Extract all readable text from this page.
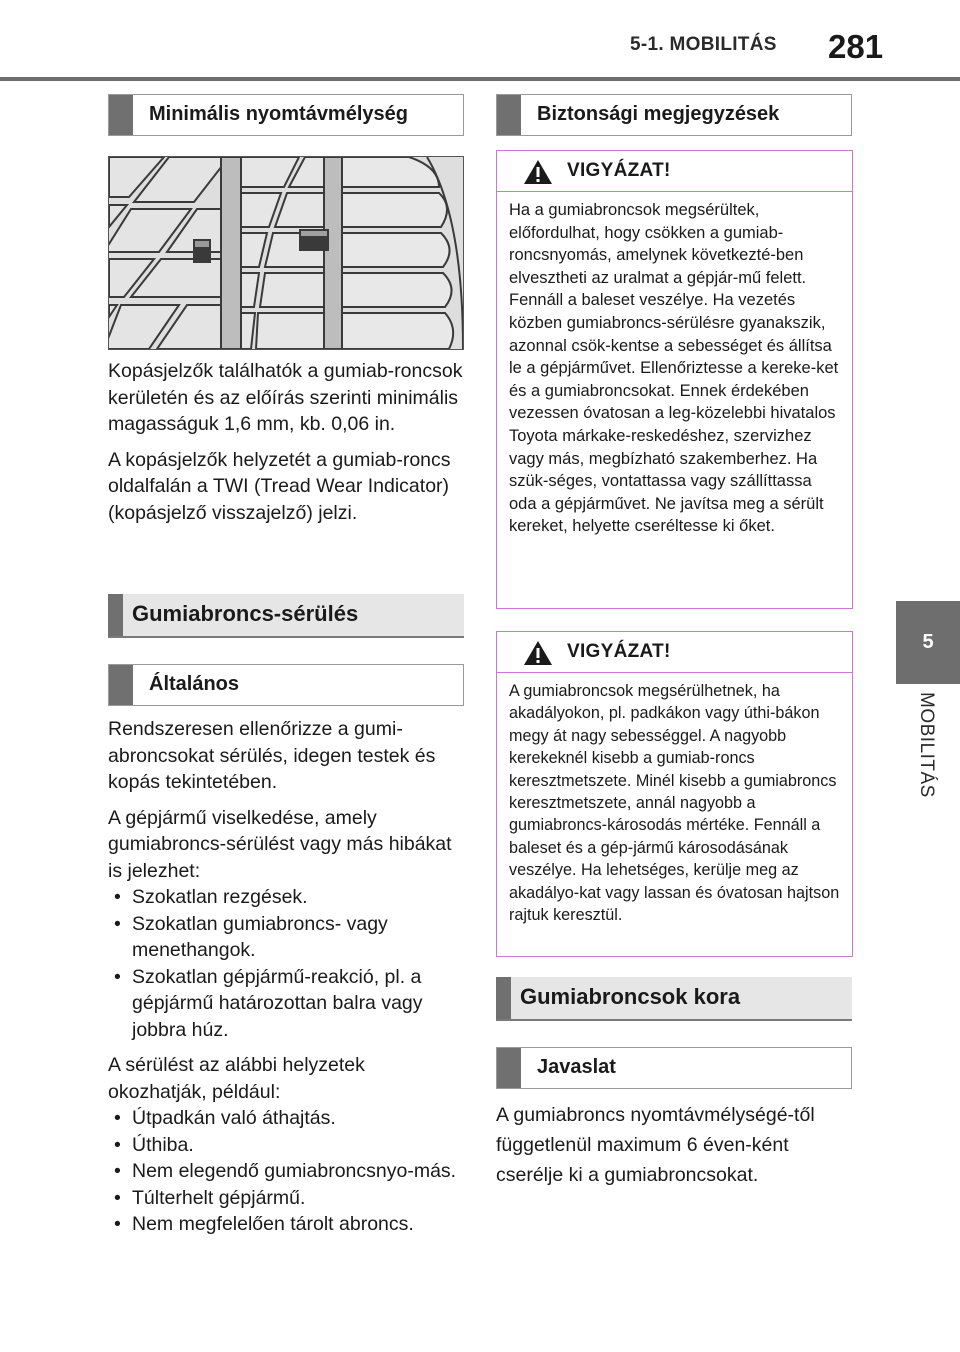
5-1. MOBILITÁS 281
5
MOBILITÁS
Minimális nyomtávmélység

Kopásjelzők találhatók a gumiab-roncsok kerületén és az előírás szerinti minimális magasságuk 1,6 mm, kb. 0,06 in.

A kopásjelzők helyzetét a gumiab-roncs oldalfalán a TWI (Tread Wear Indicator) (kopásjelző visszajelző) jelzi.

Gumiabroncs-sérülés
Általános

Rendszeresen ellenőrizze a gumi-abroncsokat sérülés, idegen testek és kopás tekintetében.

A gépjármű viselkedése, amely gumiabroncs-sérülést vagy más hibákat is jelezhet:

• Szokatlan rezgések.
• Szokatlan gumiabroncs- vagy menethangok.
• Szokatlan gépjármű-reakció, pl. a gépjármű határozottan balra vagy jobbra húz.

A sérülést az alábbi helyzetek okozhatják, például:

• Útpadkán való áthajtás.
• Úthiba.
• Nem elegendő gumiabroncsnyo-más.
• Túlterhelt gépjármű.
• Nem megfelelően tárolt abroncs.
Biztonsági megjegyzések
VIGYÁZAT!
Ha a gumiabroncsok megsérültek, előfordulhat, hogy csökken a gumiab-roncsnyomás, amelynek következté-ben elvesztheti az uralmat a gépjár-mű felett. Fennáll a baleset veszélye. Ha vezetés közben gumiabroncs-sérülésre gyanakszik, azonnal csök-kentse a sebességet és állítsa le a gépjárművet. Ellenőriztesse a kereke-ket és a gumiabroncsokat. Ennek érdekében vezessen óvatosan a leg-közelebbi hivatalos Toyota márkake-reskedéshez, szervizhez vagy más, megbízható szakemberhez. Ha szük-séges, vontattassa vagy szállíttassa oda a gépjárművet. Ne javítsa meg a sérült kereket, helyette cseréltesse ki őket.
VIGYÁZAT!
A gumiabroncsok megsérülhetnek, ha akadályokon, pl. padkákon vagy úthi-bákon megy át nagy sebességgel. A nagyobb kerekeknél kisebb a gumiab-roncs keresztmetszete. Minél kisebb a gumiabroncs keresztmetszete, annál nagyobb a gumiabroncs-károsodás mértéke. Fennáll a baleset és a gép-jármű károsodásának veszélye. Ha lehetséges, kerülje meg az akadályo-kat vagy lassan és óvatosan hajtson rajtuk keresztül.
Gumiabroncsok kora
Javaslat

A gumiabroncs nyomtávmélységé-től függetlenül maximum 6 éven-ként cserélje ki a gumiabroncsokat.
